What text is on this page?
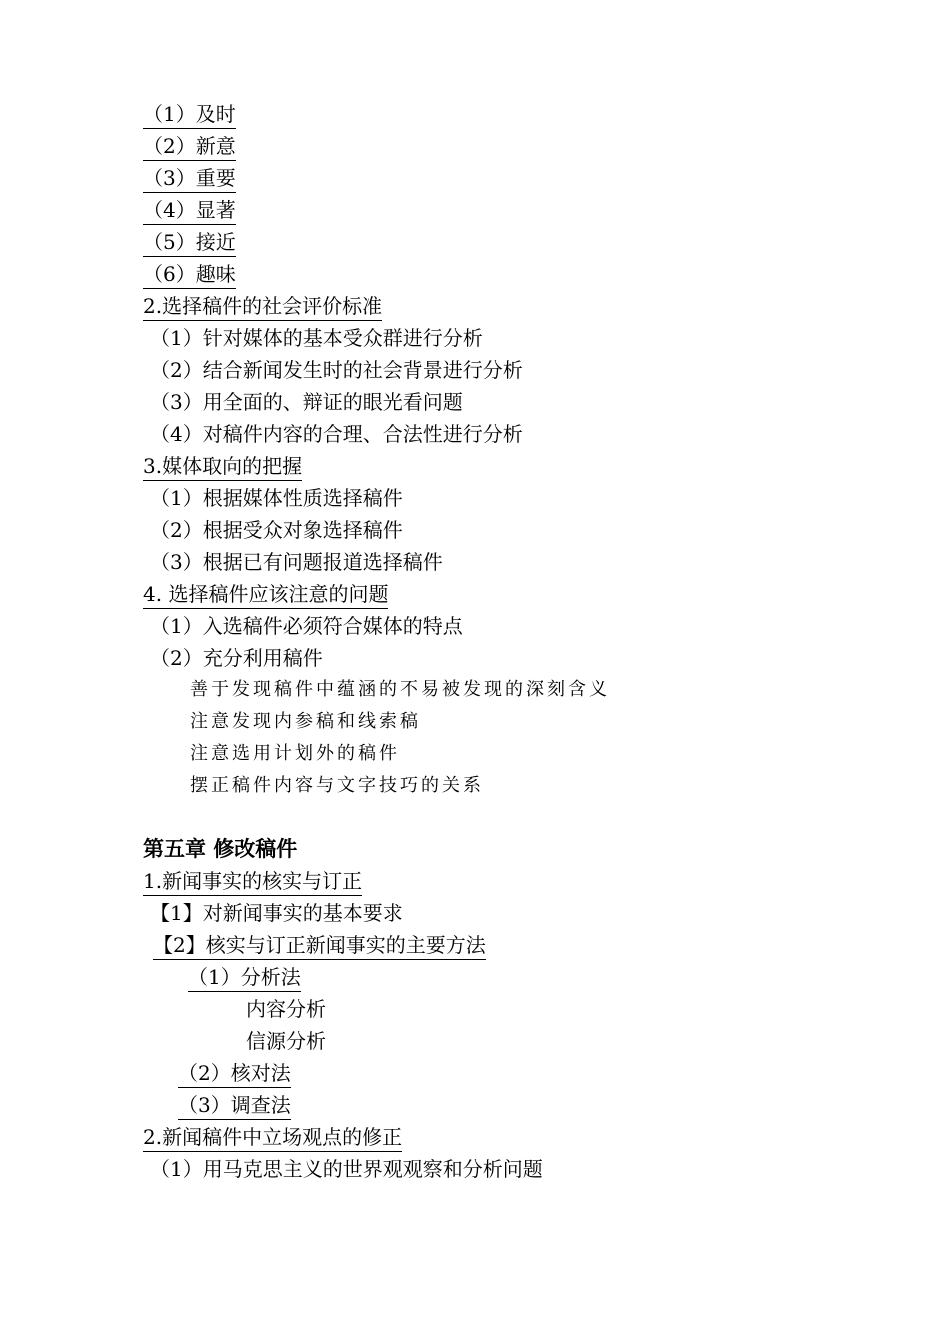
（1）及时
（2）新意
（3）重要
（4）显著
（5）接近
（6）趣味
2.选择稿件的社会评价标准
（1）针对媒体的基本受众群进行分析
（2）结合新闻发生时的社会背景进行分析
（3）用全面的、辩证的眼光看问题
（4）对稿件内容的合理、合法性进行分析
3.媒体取向的把握
（1）根据媒体性质选择稿件
（2）根据受众对象选择稿件
（3）根据已有问题报道选择稿件
4. 选择稿件应该注意的问题
（1）入选稿件必须符合媒体的特点
（2）充分利用稿件
善于发现稿件中蕴涵的不易被发现的深刻含义
注意发现内参稿和线索稿
注意选用计划外的稿件
摆正稿件内容与文字技巧的关系
第五章 修改稿件
1.新闻事实的核实与订正
【1】对新闻事实的基本要求
【2】核实与订正新闻事实的主要方法
（1）分析法
内容分析
信源分析
（2）核对法
（3）调查法
2.新闻稿件中立场观点的修正
（1）用马克思主义的世界观观察和分析问题
